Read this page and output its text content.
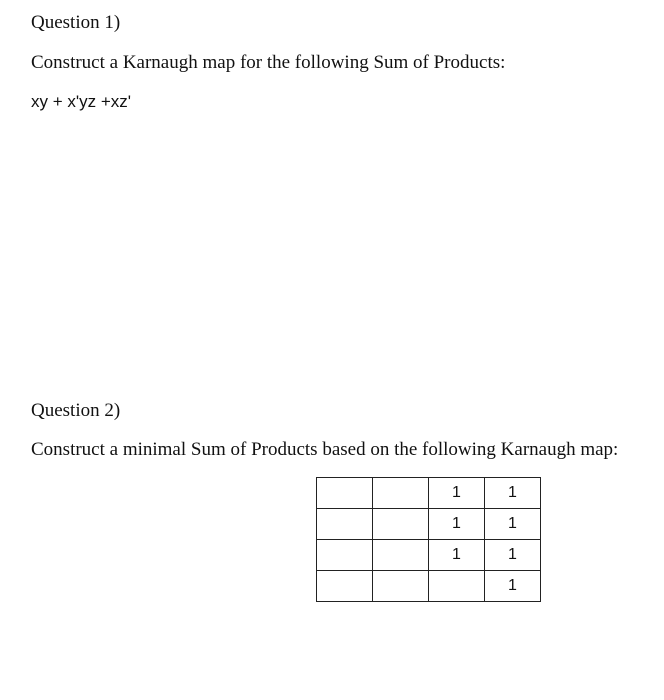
Question 1)
Construct a Karnaugh map for the following Sum of Products:
xy + x'yz +xz'
Question 2)
Construct a minimal Sum of Products based on the following Karnaugh map:
		1	1
		1	1
		1	1
			1
